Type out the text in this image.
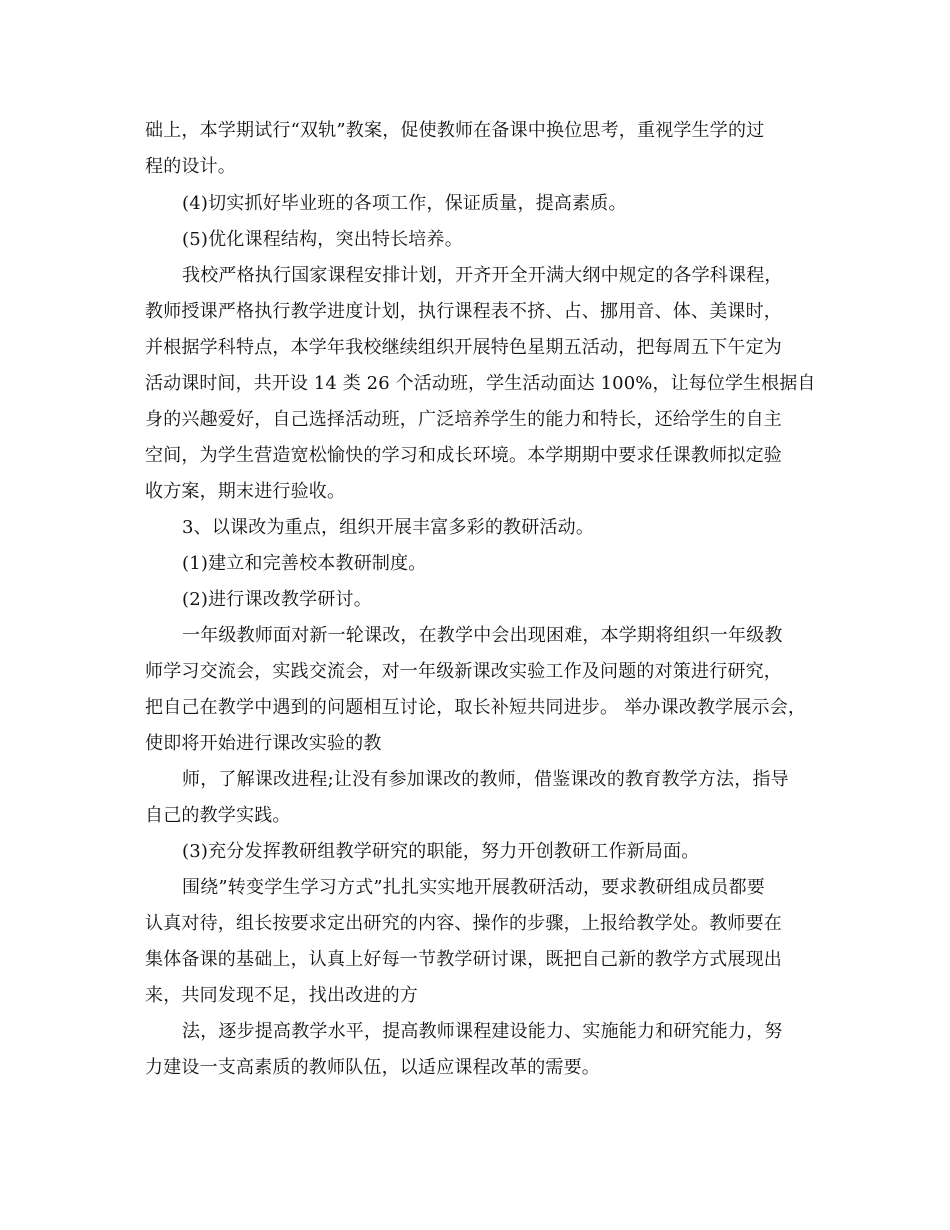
础上，本学期试行“双轨”教案，促使教师在备课中换位思考，重视学生学的过
程的设计。
(4)切实抓好毕业班的各项工作，保证质量，提高素质。
(5)优化课程结构，突出特长培养。
我校严格执行国家课程安排计划，开齐开全开满大纲中规定的各学科课程，
教师授课严格执行教学进度计划，执行课程表不挤、占、挪用音、体、美课时，
并根据学科特点，本学年我校继续组织开展特色星期五活动，把每周五下午定为
活动课时间，共开设 14 类 26 个活动班，学生活动面达 100%，让每位学生根据自
身的兴趣爱好，自己选择活动班，广泛培养学生的能力和特长，还给学生的自主
空间，为学生营造宽松愉快的学习和成长环境。本学期期中要求任课教师拟定验
收方案，期末进行验收。
3、以课改为重点，组织开展丰富多彩的教研活动。
(1)建立和完善校本教研制度。
(2)进行课改教学研讨。
一年级教师面对新一轮课改，在教学中会出现困难，本学期将组织一年级教
师学习交流会，实践交流会，对一年级新课改实验工作及问题的对策进行研究，
把自己在教学中遇到的问题相互讨论，取长补短共同进步。 举办课改教学展示会，
使即将开始进行课改实验的教
师，了解课改进程;让没有参加课改的教师，借鉴课改的教育教学方法，指导
自己的教学实践。
(3)充分发挥教研组教学研究的职能，努力开创教研工作新局面。
围绕”转变学生学习方式”扎扎实实地开展教研活动，要求教研组成员都要
认真对待，组长按要求定出研究的内容、操作的步骤，上报给教学处。教师要在
集体备课的基础上，认真上好每一节教学研讨课，既把自己新的教学方式展现出
来，共同发现不足，找出改进的方
法，逐步提高教学水平，提高教师课程建设能力、实施能力和研究能力，努
力建设一支高素质的教师队伍，以适应课程改革的需要。
